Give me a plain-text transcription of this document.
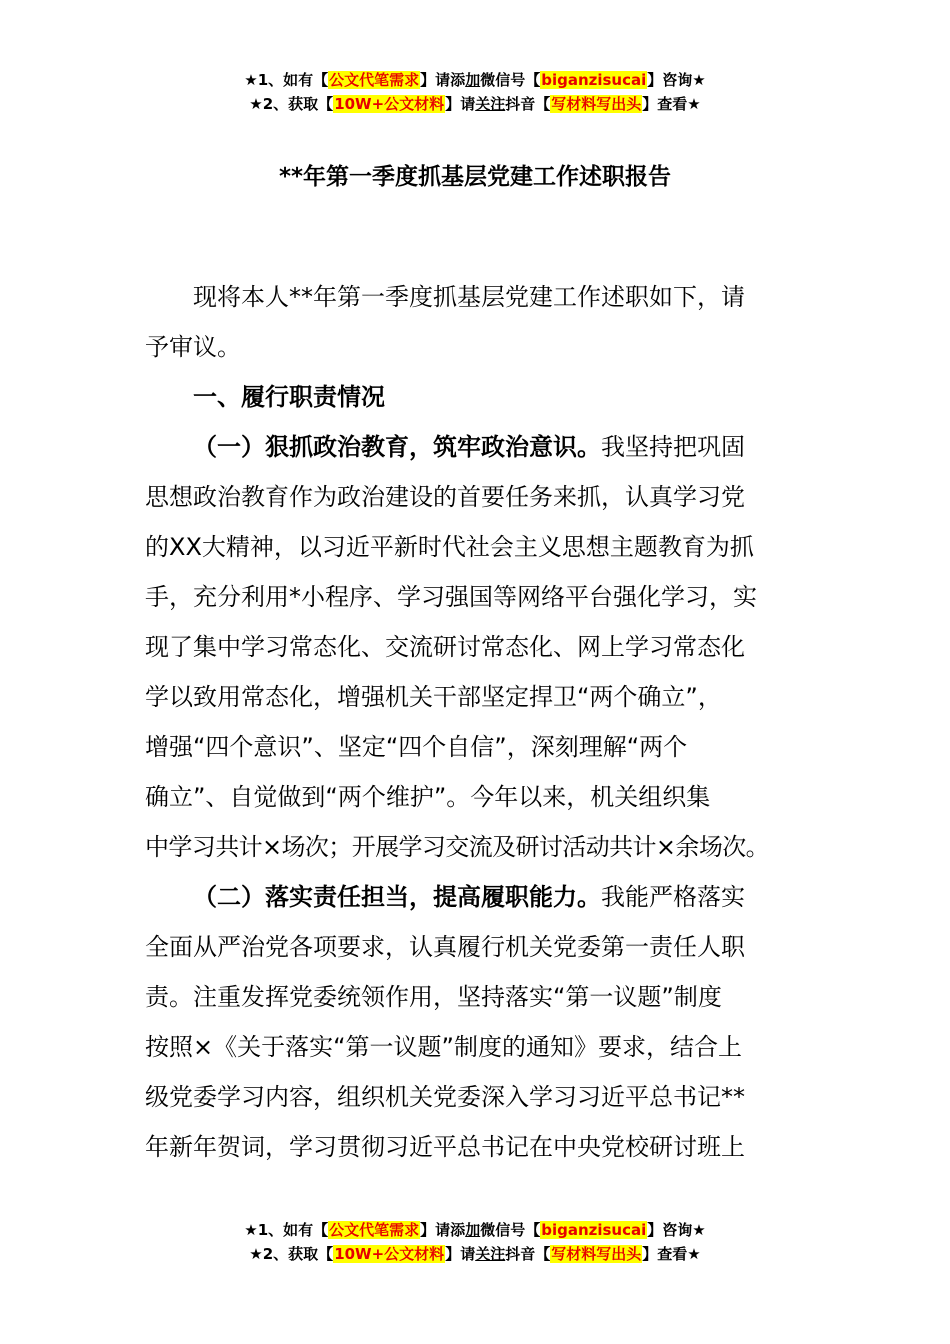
★1、如有【公文代笔需求】请添加微信号【biganzisucai】咨询★
★2、获取【10W+公文材料】请关注抖音【写材料写出头】查看★
**年第一季度抓基层党建工作述职报告
现将本人**年第一季度抓基层党建工作述职如下，请
予审议。
一、履行职责情况
（一）狠抓政治教育，筑牢政治意识。我坚持把巩固
思想政治教育作为政治建设的首要任务来抓，认真学习党
的XX大精神，以习近平新时代社会主义思想主题教育为抓
手，充分利用*小程序、学习强国等网络平台强化学习，实
现了集中学习常态化、交流研讨常态化、网上学习常态化
学以致用常态化，增强机关干部坚定捍卫“两个确立”，
增强“四个意识”、坚定“四个自信”，深刻理解“两个
确立”、自觉做到“两个维护”。今年以来，机关组织集
中学习共计×场次；开展学习交流及研讨活动共计×余场次。
（二）落实责任担当，提高履职能力。我能严格落实
全面从严治党各项要求，认真履行机关党委第一责任人职
责。注重发挥党委统领作用，坚持落实“第一议题”制度
按照×《关于落实“第一议题”制度的通知》要求，结合上
级党委学习内容，组织机关党委深入学习习近平总书记**
年新年贺词，学习贯彻习近平总书记在中央党校研讨班上
★1、如有【公文代笔需求】请添加微信号【biganzisucai】咨询★
★2、获取【10W+公文材料】请关注抖音【写材料写出头】查看★
